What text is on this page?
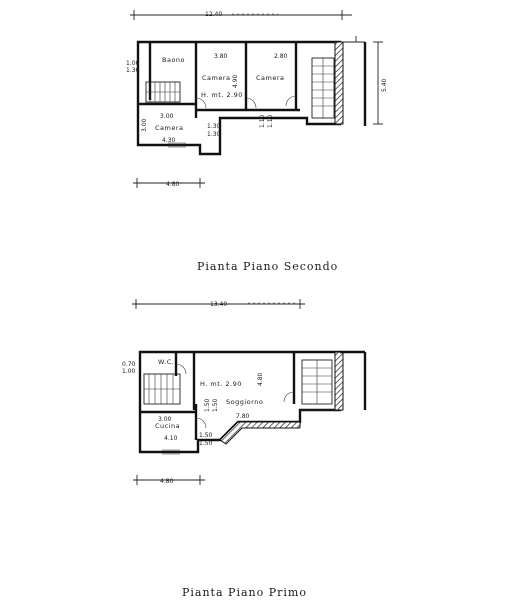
12.40
Baono
Camera	Camera
Camera
H. mt. 2.90
1.00
1.30
3.80	2.80
3.00
4.30
1.30
1.30
4.90
1.10 1.10
3.00
5.40
4.80
Pianta Piano Secondo
13.40
W.C.
Soggiorno
Cucina
H. mt. 2.90
0.70
1.00
4.80
7.80
1.50 1.50
3.00
4.10	1.50
1.50
4.80
Pianta Piano Primo
